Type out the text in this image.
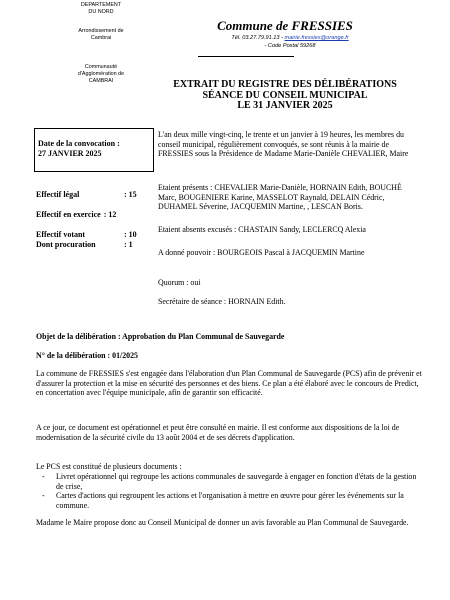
DEPARTEMENT
DU NORD
Arrondissement de
Cambrai
Communauté
d'Agglomération de
CAMBRAI
Commune de FRESSIES
Tél. 03.27.79.91.13 - mairie.fressies@orange.fr
- Code Postal 59268
EXTRAIT DU REGISTRE DES DÉLIBÉRATIONS
SÉANCE DU CONSEIL MUNICIPAL
LE 31 JANVIER 2025
Date de la convocation :
27 JANVIER 2025
Effectif légal	: 15
Effectif en exercice : 12
Effectif votant	: 10
Dont procuration	: 1
L'an deux mille vingt-cinq, le trente et un janvier à 19 heures, les membres du conseil municipal, régulièrement convoqués, se sont réunis à la mairie de FRESSIES sous la Présidence de Madame Marie-Danièle CHEVALIER, Maire
Etaient présents : CHEVALIER Marie-Danièle, HORNAIN Edith, BOUCHÉ Marc, BOUGENIERE Karine, MASSELOT Raynald, DELAIN Cédric, DUHAMEL Séverine, JACQUEMIN Martine, , LESCAN Boris.
Etaient absents excusés : CHASTAIN Sandy, LECLERCQ Alexia
A donné pouvoir : BOURGEOIS Pascal à JACQUEMIN Martine
Quorum : oui
Secrétaire de séance : HORNAIN Edith.
Objet de la délibération : Approbation du Plan Communal de Sauvegarde
N° de la délibération : 01/2025
La commune de FRESSIES s'est engagée dans l'élaboration d'un Plan Communal de Sauvegarde (PCS) afin de prévenir et d'assurer la protection et la mise en sécurité des personnes et des biens. Ce plan a été élaboré avec le concours de Predict, en concertation avec l'équipe municipale, afin de garantir son efficacité.
A ce jour, ce document est opérationnel et peut être consulté en mairie. Il est conforme aux dispositions de la loi de modernisation de la sécurité civile du 13 août 2004 et de ses décrets d'application.
Le PCS est constitué de plusieurs documents :
-	Livret opérationnel qui regroupe les actions communales de sauvegarde à engager en fonction d'états de la gestion de crise,
-	Cartes d'actions qui regroupent les actions et l'organisation à mettre en œuvre pour gérer les événements sur la commune.
Madame le Maire propose donc au Conseil Municipal de donner un avis favorable au Plan Communal de Sauvegarde.
